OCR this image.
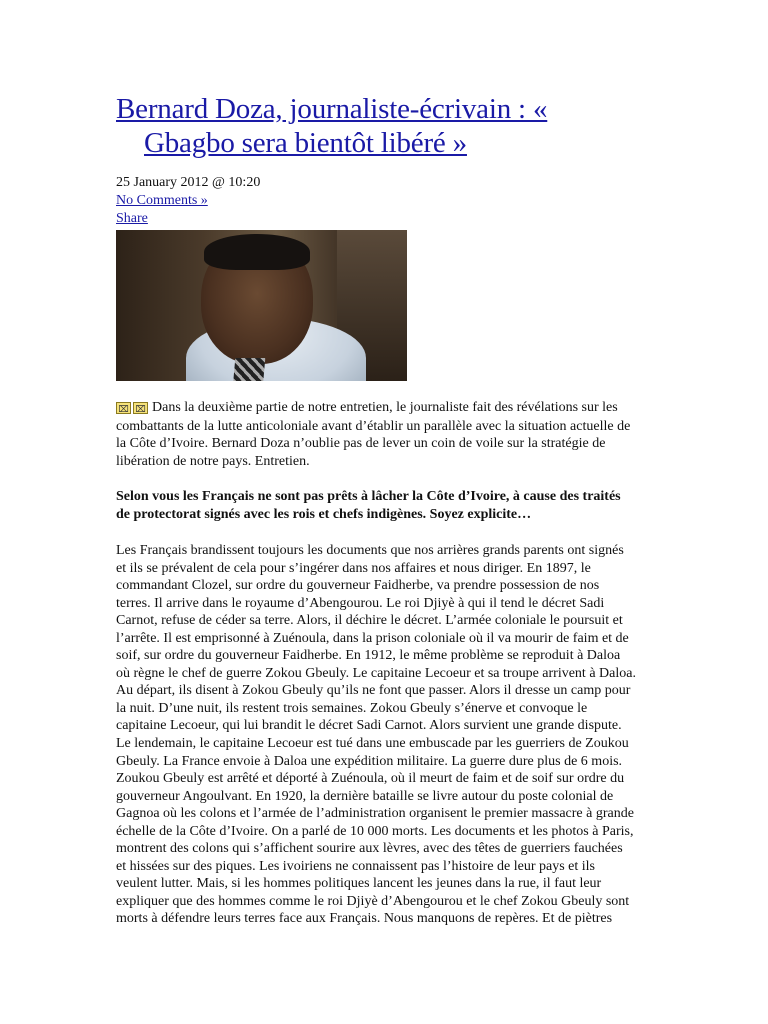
Bernard Doza, journaliste-écrivain : « Gbagbo sera bientôt libéré »
25 January 2012 @ 10:20
No Comments »
Share
⌧ ⌧ Dans la deuxième partie de notre entretien, le journaliste fait des révélations sur les combattants de la lutte anticoloniale avant d’établir un parallèle avec la situation actuelle de la Côte d’Ivoire. Bernard Doza n’oublie pas de lever un coin de voile sur la stratégie de libération de notre pays. Entretien.
Selon vous les Français ne sont pas prêts à lâcher la Côte d’Ivoire, à cause des traités de protectorat signés avec les rois et chefs indigènes. Soyez explicite…
Les Français brandissent toujours les documents que nos arrières grands parents ont signés et ils se prévalent de cela pour s’ingérer dans nos affaires et nous diriger. En 1897, le commandant Clozel, sur ordre du gouverneur Faidherbe, va prendre possession de nos terres. Il arrive dans le royaume d’Abengourou. Le roi Djiyè à qui il tend le décret Sadi Carnot, refuse de céder sa terre. Alors, il déchire le décret. L’armée coloniale le poursuit et l’arrête. Il est emprisonné à Zuénoula, dans la prison coloniale où il va mourir de faim et de soif, sur ordre du gouverneur Faidherbe. En 1912, le même problème se reproduit à Daloa où règne le chef de guerre Zokou Gbeuly. Le capitaine Lecoeur et sa troupe arrivent à Daloa. Au départ, ils disent à Zokou Gbeuly qu’ils ne font que passer. Alors il dresse un camp pour la nuit. D’une nuit, ils restent trois semaines. Zokou Gbeuly s’énerve et convoque le capitaine Lecoeur, qui lui brandit le décret Sadi Carnot. Alors survient une grande dispute. Le lendemain, le capitaine Lecoeur est tué dans une embuscade par les guerriers de Zoukou Gbeuly. La France envoie à Daloa une expédition militaire. La guerre dure plus de 6 mois. Zoukou Gbeuly est arrêté et déporté à Zuénoula, où il meurt de faim et de soif sur ordre du gouverneur Angoulvant. En 1920, la dernière bataille se livre autour du poste colonial de Gagnoa où les colons et l’armée de l’administration organisent le premier massacre à grande échelle de la Côte d’Ivoire. On a parlé de 10 000 morts. Les documents et les photos à Paris, montrent des colons qui s’affichent sourire aux lèvres, avec des têtes de guerriers fauchées et hissées sur des piques. Les ivoiriens ne connaissent pas l’histoire de leur pays et ils veulent lutter. Mais, si les hommes politiques lancent les jeunes dans la rue, il faut leur expliquer que des hommes comme le roi Djiyè d’Abengourou et le chef Zokou Gbeuly sont morts à défendre leurs terres face aux Français. Nous manquons de repères. Et de piètres
